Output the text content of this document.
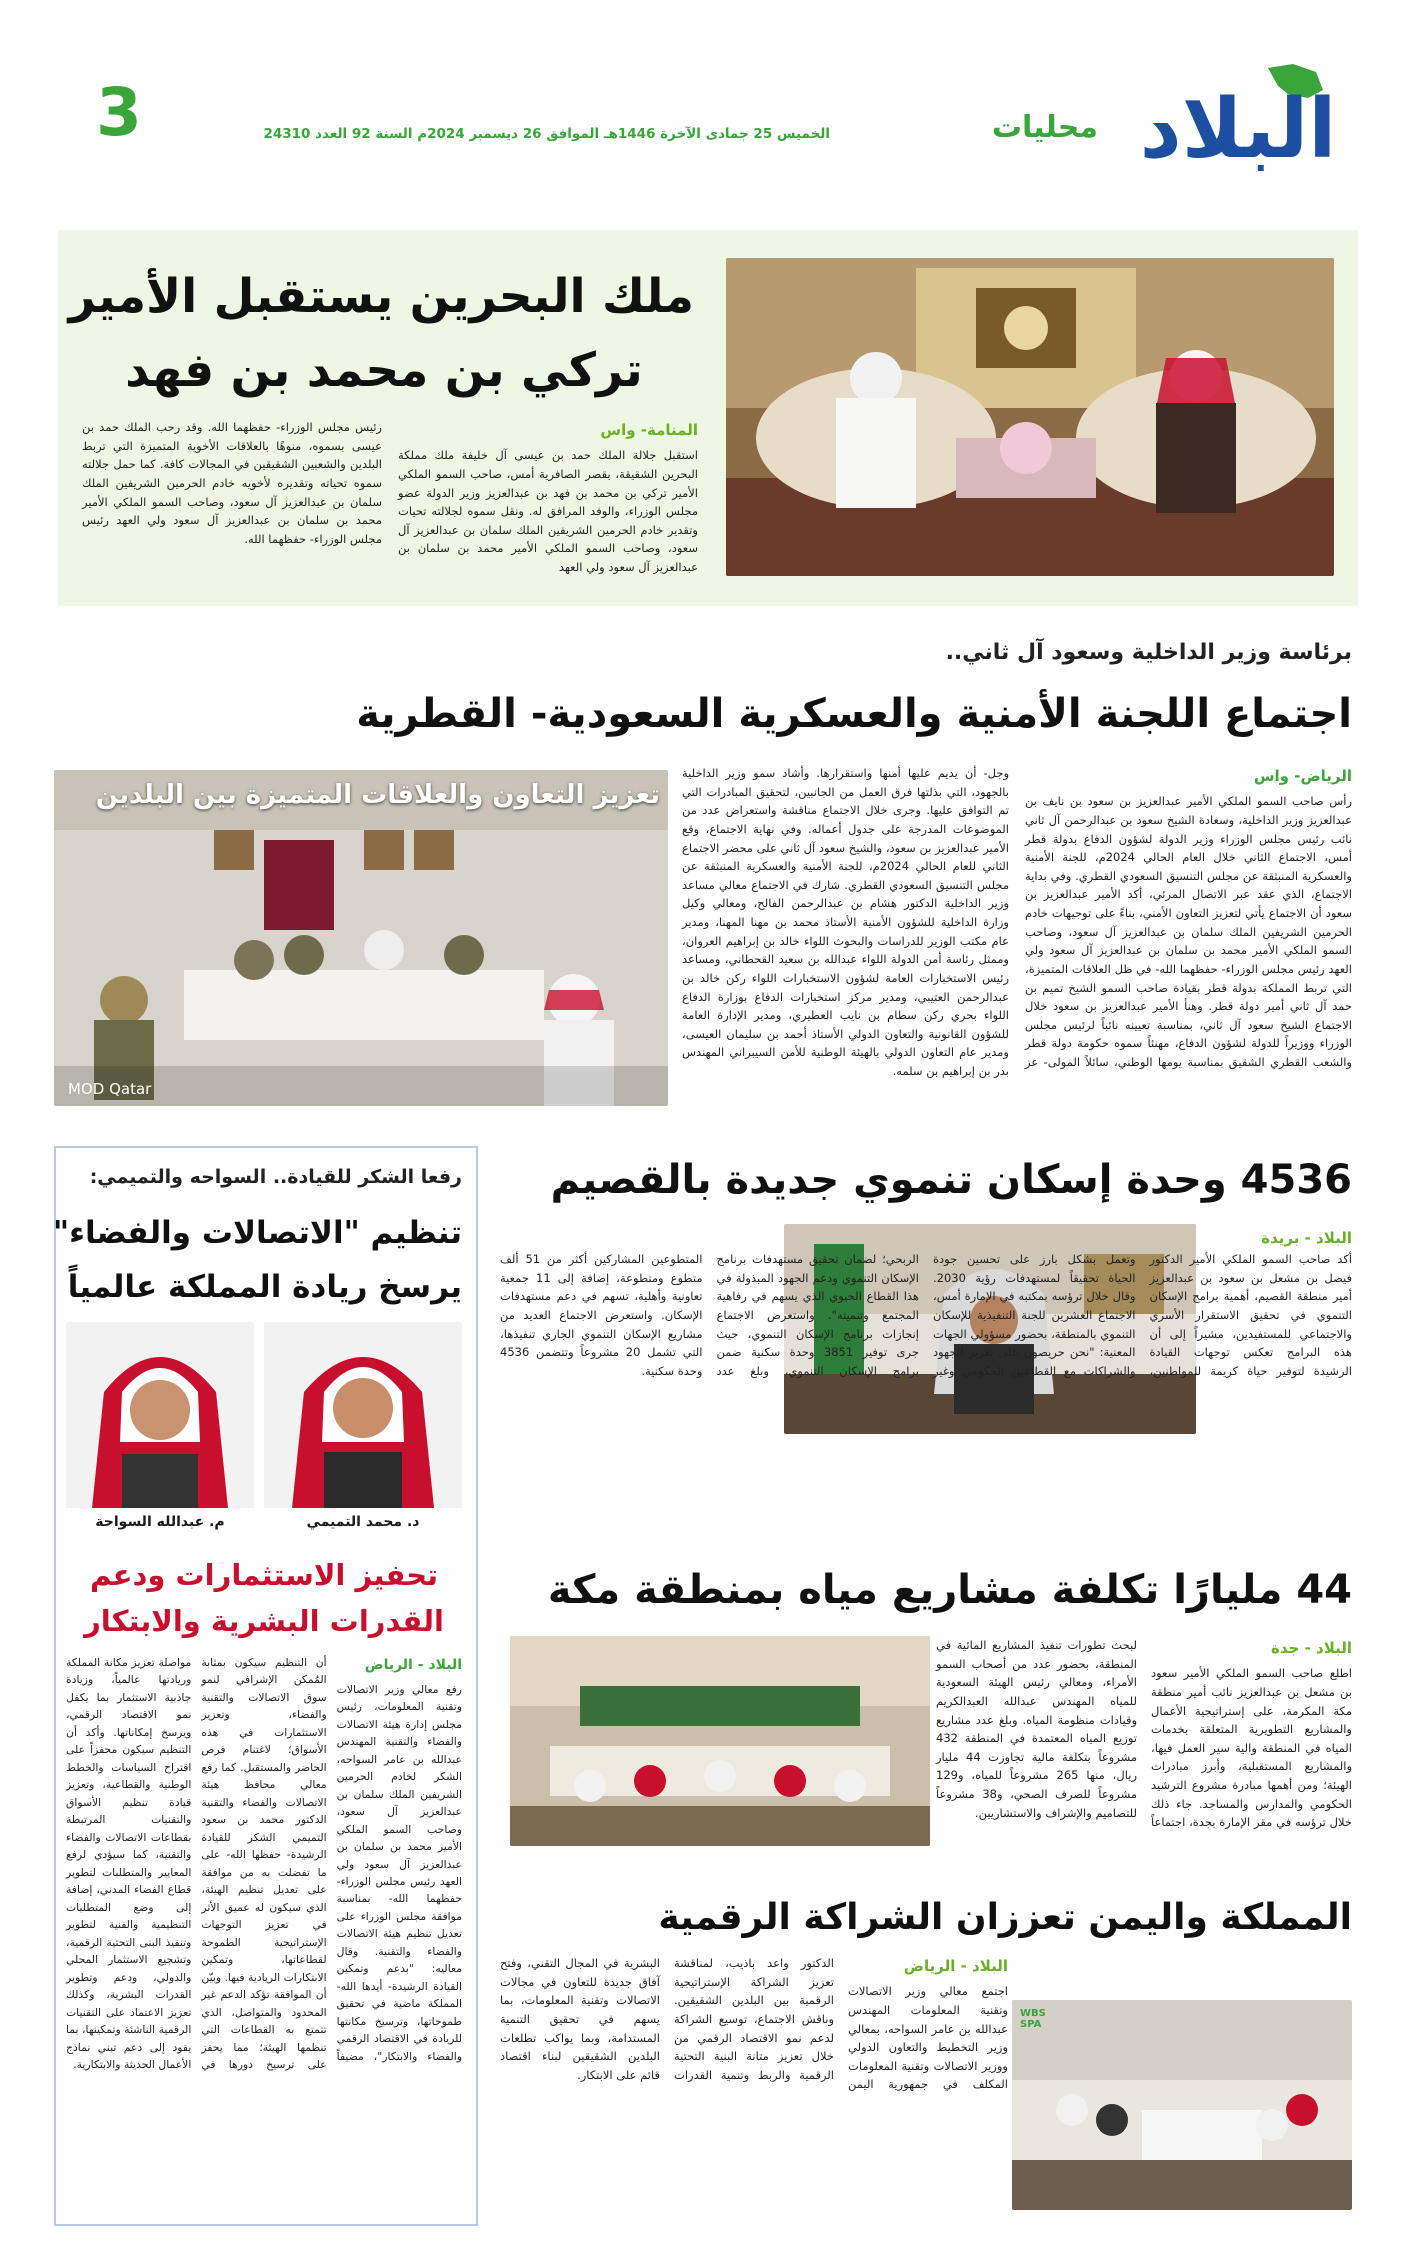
البلاد
محليات
الخميس 25 جمادى الآخرة 1446هـ الموافق 26 ديسمبر 2024م السنة 92 العدد 24310
3
ملك البحرين يستقبل الأمير
تركي بن محمد بن فهد
المنامة- واس
استقبل جلالة الملك حمد بن عيسى آل خليفة ملك مملكة البحرين الشقيقة، بقصر الصافرية أمس، صاحب السمو الملكي الأمير تركي بن محمد بن فهد بن عبدالعزيز وزير الدولة عضو مجلس الوزراء، والوفد المرافق له. ونقل سموه لجلالته تحيات وتقدير خادم الحرمين الشريفين الملك سلمان بن عبدالعزيز آل سعود، وصاحب السمو الملكي الأمير محمد بن سلمان بن عبدالعزيز آل سعود ولي العهد
رئيس مجلس الوزراء- حفظهما الله. وقد رحب الملك حمد بن عيسى بسموه، منوهًا بالعلاقات الأخوية المتميزة التي تربط البلدين والشعبين الشقيقين في المجالات كافة. كما حمل جلالته سموه تحياته وتقديره لأخويه خادم الحرمين الشريفين الملك سلمان بن عبدالعزيز آل سعود، وصاحب السمو الملكي الأمير محمد بن سلمان بن عبدالعزيز آل سعود ولي العهد رئيس مجلس الوزراء- حفظهما الله.
برئاسة وزير الداخلية وسعود آل ثاني..
اجتماع اللجنة الأمنية والعسكرية السعودية- القطرية
تعزيز التعاون والعلاقات المتميزة بين البلدين
MOD Qatar
الرياض- واس
رأس صاحب السمو الملكي الأمير عبدالعزيز بن سعود بن نايف بن عبدالعزيز وزير الداخلية، وسعادة الشيخ سعود بن عبدالرحمن آل ثاني نائب رئيس مجلس الوزراء وزير الدولة لشؤون الدفاع بدولة قطر أمس، الاجتماع الثاني خلال العام الحالي 2024م، للجنة الأمنية والعسكرية المنبثقة عن مجلس التنسيق السعودي القطري. وفي بداية الاجتماع، الذي عقد عبر الاتصال المرئي، أكد الأمير عبدالعزيز بن سعود أن الاجتماع يأتي لتعزيز التعاون الأمني، بناءً على توجيهات خادم الحرمين الشريفين الملك سلمان بن عبدالعزيز آل سعود، وصاحب السمو الملكي الأمير محمد بن سلمان بن عبدالعزيز آل سعود ولي العهد رئيس مجلس الوزراء- حفظهما الله- في ظل العلاقات المتميزة، التي تربط المملكة بدولة قطر بقيادة صاحب السمو الشيخ تميم بن حمد آل ثاني أمير دولة قطر. وهنأ الأمير عبدالعزيز بن سعود خلال الاجتماع الشيخ سعود آل ثاني، بمناسبة تعيينه نائباً لرئيس مجلس الوزراء ووزيراً للدولة لشؤون الدفاع، مهنئاً سموه حكومة دولة قطر والشعب القطري الشقيق بمناسبة يومها الوطني، سائلاً المولى- عز وجل- أن يديم عليها أمنها واستقرارها. وأشاد سمو وزير الداخلية بالجهود، التي بذلتها فرق العمل من الجانبين، لتحقيق المبادرات التي تم التوافق عليها. وجرى خلال الاجتماع مناقشة واستعراض عدد من الموضوعات المدرجة على جدول أعماله. وفي نهاية الاجتماع، وقع الأمير عبدالعزيز بن سعود، والشيخ سعود آل ثاني على محضر الاجتماع الثاني للعام الحالي 2024م، للجنة الأمنية والعسكرية المنبثقة عن مجلس التنسيق السعودي القطري. شارك في الاجتماع معالي مساعد وزير الداخلية الدكتور هشام بن عبدالرحمن الفالح، ومعالي وكيل وزارة الداخلية للشؤون الأمنية الأستاذ محمد بن مهنا المهنا، ومدير عام مكتب الوزير للدراسات والبحوث اللواء خالد بن إبراهيم العروان، وممثل رئاسة أمن الدولة اللواء عبدالله بن سعيد القحطاني، ومساعد رئيس الاستخبارات العامة لشؤون الاستخبارات اللواء ركن خالد بن عبدالرحمن العتيبي، ومدير مركز استخبارات الدفاع بوزارة الدفاع اللواء بحري ركن سطام بن نايب العطيري، ومدير الإدارة العامة للشؤون القانونية والتعاون الدولي الأستاذ أحمد بن سليمان العيسى، ومدير عام التعاون الدولي بالهيئة الوطنية للأمن السيبراني المهندس بدر بن إبراهيم بن سلمه.
رفعا الشكر للقيادة.. السواحه والتميمي:
تنظيم "الاتصالات والفضاء"
يرسخ ريادة المملكة عالمياً
د. محمد التميمي
م. عبدالله السواحة
تحفيز الاستثمارات ودعم
القدرات البشرية والابتكار
البلاد - الرياض
رفع معالي وزير الاتصالات وتقنية المعلومات، رئيس مجلس إدارة هيئة الاتصالات والفضاء والتقنية المهندس عبدالله بن عامر السواحه، الشكر لخادم الحرمين الشريفين الملك سلمان بن عبدالعزيز آل سعود، وصاحب السمو الملكي الأمير محمد بن سلمان بن عبدالعزيز آل سعود ولي العهد رئيس مجلس الوزراء- حفظهما الله- بمناسبة موافقة مجلس الوزراء على تعديل تنظيم هيئة الاتصالات والفضاء والتقنية. وقال معاليه: "بدعم وتمكين القيادة الرشيدة- أيدها الله- المملكة ماضية في تحقيق طموحاتها، وترسيخ مكانتها للريادة في الاقتصاد الرقمي والفضاء والابتكار"، مضيفاً أن التنظيم سيكون بمثابة المُمكن الإشرافي لنمو سوق الاتصالات والتقنية والفضاء، وتعزيز الاستثمارات في هذه الأسواق؛ لاغتنام فرص الحاضر والمستقبل. كما رفع معالي محافظ هيئة الاتصالات والفضاء والتقنية الدكتور محمد بن سعود التميمي الشكر للقيادة الرشيدة- حفظها الله- على ما تفضلت به من موافقة على تعديل تنظيم الهيئة، الذي سيكون له عميق الأثر في تعزيز التوجهات الإستراتيجية الطموحة لقطاعاتها، وتمكين الابتكارات الريادية فيها. وبيّن أن الموافقة تؤكد الدعم غير المحدود والمتواصل، الذي تتمتع به القطاعات التي تنظمها الهيئة؛ مما يحفز على ترسيخ دورها في مواصلة تعزيز مكانة المملكة وريادتها عالمياً، وزيادة جاذبية الاستثمار بما يكفل نمو الاقتصاد الرقمي، ويرسخ إمكاناتها. وأكد أن التنظيم سيكون محفزاً على اقتراح السياسات والخطط الوطنية والقطاعية، وتعزيز قيادة تنظيم الأسواق والتقنيات المرتبطة بقطاعات الاتصالات والفضاء والتقنية، كما سيؤدي لرفع المعايير والمتطلبات لتطوير قطاع الفضاء المدني، إضافة إلى وضع المتطلبات التنظيمية والفنية لتطوير وتنفيذ البنى التحتية الرقمية، وتشجيع الاستثمار المحلي والدولي، ودعم وتطوير القدرات البشرية، وكذلك تعزيز الاعتماد على التقنيات الرقمية الناشئة وتمكينها، بما يقود إلى دعم تبني نماذج الأعمال الحديثة والابتكارية.
4536 وحدة إسكان تنموي جديدة بالقصيم
البلاد - بريدة
أكد صاحب السمو الملكي الأمير الدكتور فيصل بن مشعل بن سعود بن عبدالعزيز أمير منطقة القصيم، أهمية برامج الإسكان التنموي في تحقيق الاستقرار الأسري والاجتماعي للمستفيدين، مشيراً إلى أن هذه البرامج تعكس توجهات القيادة الرشيدة لتوفير حياة كريمة للمواطنين، وتعمل بشكل بارز على تحسين جودة الحياة تحقيقاً لمستهدفات رؤية 2030. وقال خلال ترؤسه بمكتبه في الإمارة أمس، الاجتماع العشرين للجنة التنفيذية للإسكان التنموي بالمنطقة، بحضور مسؤولي الجهات المعنية: "نحن حريصون على تعزيز الجهود والشراكات مع القطاعين الحكومي وغير الربحي؛ لضمان تحقيق مستهدفات برنامج الإسكان التنموي ودعم الجهود المبذولة في هذا القطاع الحيوي الذي يسهم في رفاهية المجتمع وتنميته". واستعرض الاجتماع إنجازات برنامج الإسكان التنموي، حيث جرى توفير 3851 وحدة سكنية ضمن برامج الإسكان التنموي، وبلغ عدد المتطوعين المشاركين أكثر من 51 ألف متطوع ومتطوعة، إضافة إلى 11 جمعية تعاونية وأهلية، تسهم في دعم مستهدفات الإسكان. واستعرض الاجتماع العديد من مشاريع الإسكان التنموي الجاري تنفيذها، التي تشمل 20 مشروعاً وتتضمن 4536 وحدة سكنية.
44 مليارًا تكلفة مشاريع مياه بمنطقة مكة
البلاد - جدة
اطلع صاحب السمو الملكي الأمير سعود بن مشعل بن عبدالعزيز نائب أمير منطقة مكة المكرمة، على إستراتيجية الأعمال والمشاريع التطويرية المتعلقة بخدمات المياه في المنطقة والية سير العمل فيها، والمشاريع المستقبلية، وأبرز مبادرات الهيئة؛ ومن أهمها مبادرة مشروع الترشيد الحكومي والمدارس والمساجد. جاء ذلك خلال ترؤسه في مقر الإمارة بجدة، اجتماعاً لبحث تطورات تنفيذ المشاريع المائية في المنطقة، بحضور عدد من أصحاب السمو الأمراء، ومعالي رئيس الهيئة السعودية للمياه المهندس عبدالله العبدالكريم وقيادات منظومة المياه. وبلغ عدد مشاريع توزيع المياه المعتمدة في المنطقة 432 مشروعاً بتكلفة مالية تجاوزت 44 مليار ريال، منها 265 مشروعاً للمياه، و129 مشروعاً للصرف الصحي، و38 مشروعاً للتصاميم والإشراف والاستشاريين.
المملكة واليمن تعززان الشراكة الرقمية
WBS SPA
البلاد - الرياض
اجتمع معالي وزير الاتصالات وتقنية المعلومات المهندس عبدالله بن عامر السواحه، بمعالي وزير التخطيط والتعاون الدولي ووزير الاتصالات وتقنية المعلومات المكلف في جمهورية اليمن الدكتور واعد باذيب، لمناقشة تعزيز الشراكة الإستراتيجية الرقمية بين البلدين الشقيقين. وناقش الاجتماع، توسيع الشراكة لدعم نمو الاقتصاد الرقمي من خلال تعزيز متانة البنية التحتية الرقمية والربط وتنمية القدرات البشرية في المجال التقني، وفتح آفاق جديدة للتعاون في مجالات الاتصالات وتقنية المعلومات، بما يسهم في تحقيق التنمية المستدامة، وبما يواكب تطلعات البلدين الشقيقين لبناء اقتصاد قائم على الابتكار.
